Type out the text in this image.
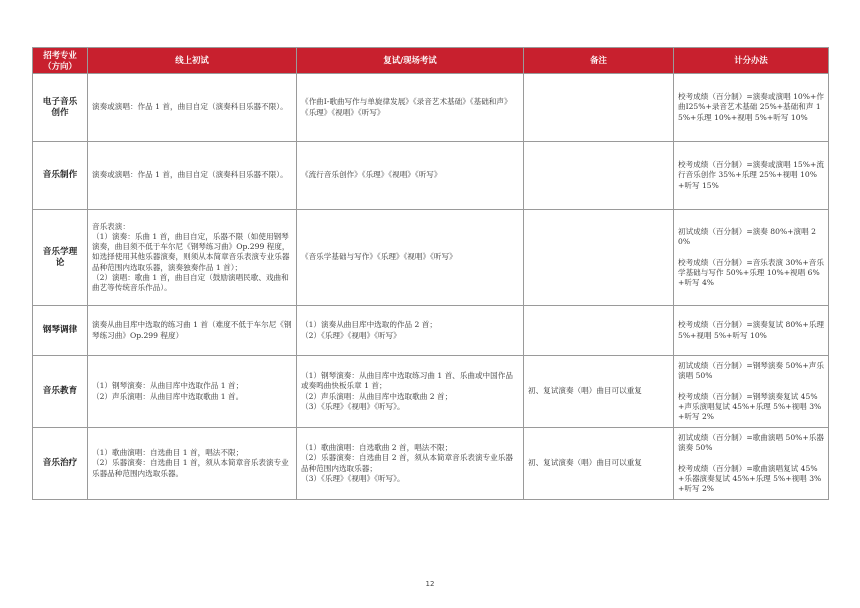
招考专业
（方向）	线上初试	复试/现场考试	备注	计分办法
电子音乐
创作	演奏或演唱：作品 1 首，曲目自定（演奏科目乐器不限）。	《作曲Ⅰ-歌曲写作与单旋律发展》《录音艺术基础》《基础和声》《乐理》《视唱》《听写》		校考成绩（百分制）=演奏或演唱 10%+作曲Ⅰ25%+录音艺术基础 25%+基础和声 15%+乐理 10%+视唱 5%+听写 10%
音乐制作	演奏或演唱：作品 1 首，曲目自定（演奏科目乐器不限）。	《流行音乐创作》《乐理》《视唱》《听写》		校考成绩（百分制）=演奏或演唱 15%+流行音乐创作 35%+乐理 25%+视唱 10%+听写 15%
音乐学理
论	音乐表演：
（1）演奏：乐曲 1 首，曲目自定，乐器不限（如使用钢琴演奏，曲目须不低于车尔尼《钢琴练习曲》Op.299 程度，如选择使用其他乐器演奏，则须从本简章音乐表演专业乐器品种范围内选取乐器，演奏独奏作品 1 首）；
（2）演唱：歌曲 1 首，曲目自定（鼓励演唱民歌、戏曲和曲艺等传统音乐作品）。	《音乐学基础与写作》《乐理》《视唱》《听写》		初试成绩（百分制）=演奏 80%+演唱 20%

校考成绩（百分制）=音乐表演 30%+音乐学基础与写作 50%+乐理 10%+视唱 6%+听写 4%
钢琴调律	演奏从曲目库中选取的练习曲 1 首（难度不低于车尔尼《钢琴练习曲》Op.299 程度）	（1）演奏从曲目库中选取的作品 2 首；
（2）《乐理》《视唱》《听写》		校考成绩（百分制）=演奏复试 80%+乐理 5%+视唱 5%+听写 10%
音乐教育	（1）钢琴演奏：从曲目库中选取作品 1 首；
（2）声乐演唱：从曲目库中选取歌曲 1 首。	（1）钢琴演奏：从曲目库中选取练习曲 1 首、乐曲或中国作品或奏鸣曲快板乐章 1 首；
（2）声乐演唱：从曲目库中选取歌曲 2 首；
（3）《乐理》《视唱》《听写》。	初、复试演奏（唱）曲目可以重复	初试成绩（百分制）=钢琴演奏 50%+声乐演唱 50%

校考成绩（百分制）=钢琴演奏复试 45%+声乐演唱复试 45%+乐理 5%+视唱 3%+听写 2%
音乐治疗	（1）歌曲演唱：自选曲目 1 首，唱法不限；
（2）乐器演奏：自选曲目 1 首，须从本简章音乐表演专业乐器品种范围内选取乐器。	（1）歌曲演唱：自选歌曲 2 首，唱法不限；
（2）乐器演奏：自选曲目 2 首，须从本简章音乐表演专业乐器品种范围内选取乐器；
（3）《乐理》《视唱》《听写》。	初、复试演奏（唱）曲目可以重复	初试成绩（百分制）=歌曲演唱 50%+乐器演奏 50%

校考成绩（百分制）=歌曲演唱复试 45%+乐器演奏复试 45%+乐理 5%+视唱 3%+听写 2%
12
